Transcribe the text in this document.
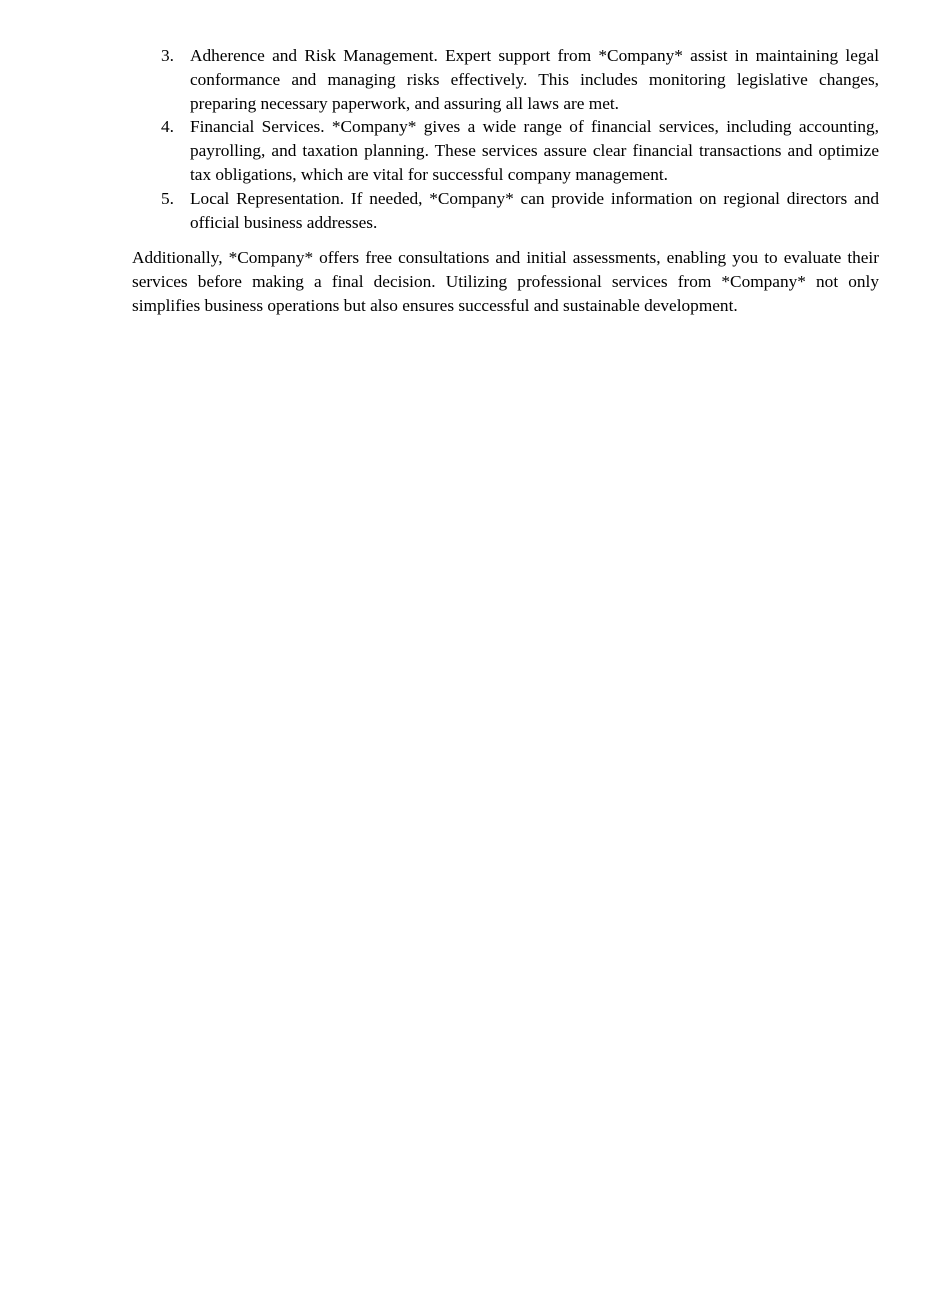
3. Adherence and Risk Management. Expert support from *Company* assist in maintaining legal conformance and managing risks effectively. This includes monitoring legislative changes, preparing necessary paperwork, and assuring all laws are met.
4. Financial Services. *Company* gives a wide range of financial services, including accounting, payrolling, and taxation planning. These services assure clear financial transactions and optimize tax obligations, which are vital for successful company management.
5. Local Representation. If needed, *Company* can provide information on regional directors and official business addresses.

Additionally, *Company* offers free consultations and initial assessments, enabling you to evaluate their services before making a final decision. Utilizing professional services from *Company* not only simplifies business operations but also ensures successful and sustainable development.
